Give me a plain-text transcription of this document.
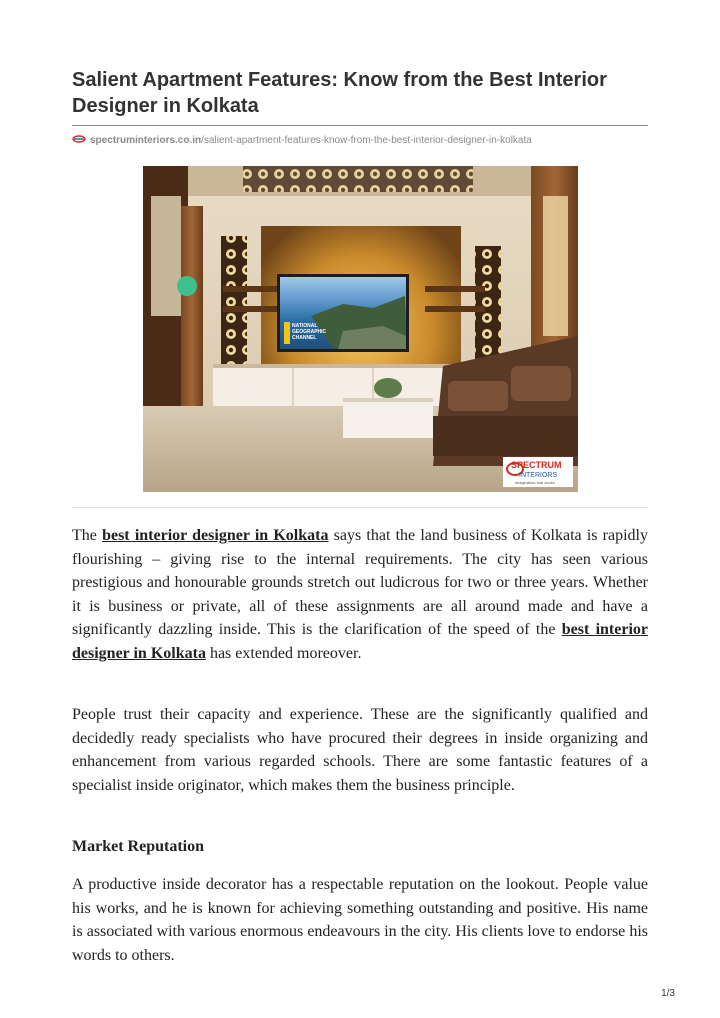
Salient Apartment Features: Know from the Best Interior Designer in Kolkata
spectruminteriors.co.in/salient-apartment-features-know-from-the-best-interior-designer-in-kolkata
NATIONAL
GEOGRAPHIC
CHANNEL
SPECTRUM
INTERIORS
imagination that works

The best interior designer in Kolkata says that the land business of Kolkata is rapidly flourishing – giving rise to the internal requirements. The city has seen various prestigious and honourable grounds stretch out ludicrous for two or three years. Whether it is business or private, all of these assignments are all around made and have a significantly dazzling inside. This is the clarification of the speed of the best interior designer in Kolkata has extended moreover.

People trust their capacity and experience. These are the significantly qualified and decidedly ready specialists who have procured their degrees in inside organizing and enhancement from various regarded schools. There are some fantastic features of a specialist inside originator, which makes them the business principle.

Market Reputation

A productive inside decorator has a respectable reputation on the lookout. People value his works, and he is known for achieving something outstanding and positive. His name is associated with various enormous endeavours in the city. His clients love to endorse his words to others.

1/3
